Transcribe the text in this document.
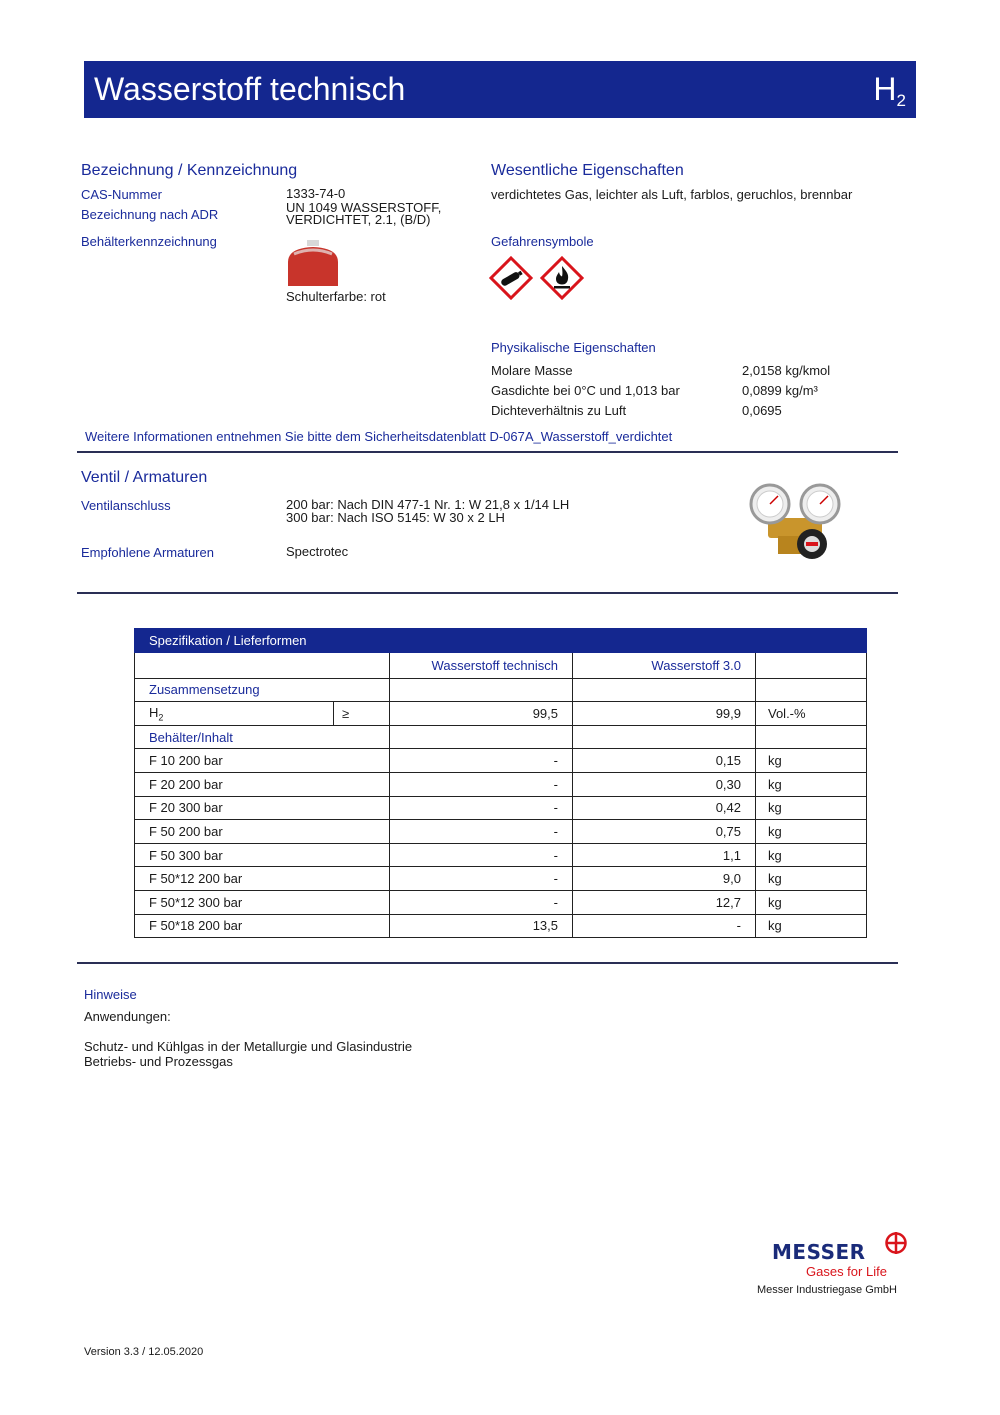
Wasserstoff technisch	$H_2$
Bezeichnung / Kennzeichnung
CAS-Nummer	1333-74-0
Bezeichnung nach ADR	UN 1049 WASSERSTOFF,
VERDICHTET, 2.1, (B/D)
Behälterkennzeichnung
Schulterfarbe: rot
Wesentliche Eigenschaften
verdichtetes Gas, leichter als Luft, farblos, geruchlos, brennbar
Gefahrensymbole
Physikalische Eigenschaften
Molare Masse	2,0158 kg/kmol
Gasdichte bei 0°C und 1,013 bar	0,0899 kg/m³
Dichteverhältnis zu Luft	0,0695
Weitere Informationen entnehmen Sie bitte dem Sicherheitsdatenblatt D-067A_Wasserstoff_verdichtet
Ventil / Armaturen
Ventilanschluss	200 bar: Nach DIN 477-1 Nr. 1: W 21,8 x 1/14 LH
300 bar: Nach ISO 5145: W 30 x 2 LH
Empfohlene Armaturen	Spectrotec
Spezifikation / Lieferformen				
		Wasserstoff technisch	Wasserstoff 3.0	
Zusammensetzung				
$H_2$	≥	99,5	99,9	Vol.-%
Behälter/Inhalt				
F 10 200 bar		-	0,15	kg
F 20 200 bar		-	0,30	kg
F 20 300 bar		-	0,42	kg
F 50 200 bar		-	0,75	kg
F 50 300 bar		-	1,1	kg
F 50*12 200 bar		-	9,0	kg
F 50*12 300 bar		-	12,7	kg
F 50*18 200 bar		13,5	-	kg
Hinweise
Anwendungen:
Schutz- und Kühlgas in der Metallurgie und Glasindustrie
Betriebs- und Prozessgas
MESSER
Gases for Life
Messer Industriegase GmbH
Version 3.3 / 12.05.2020
